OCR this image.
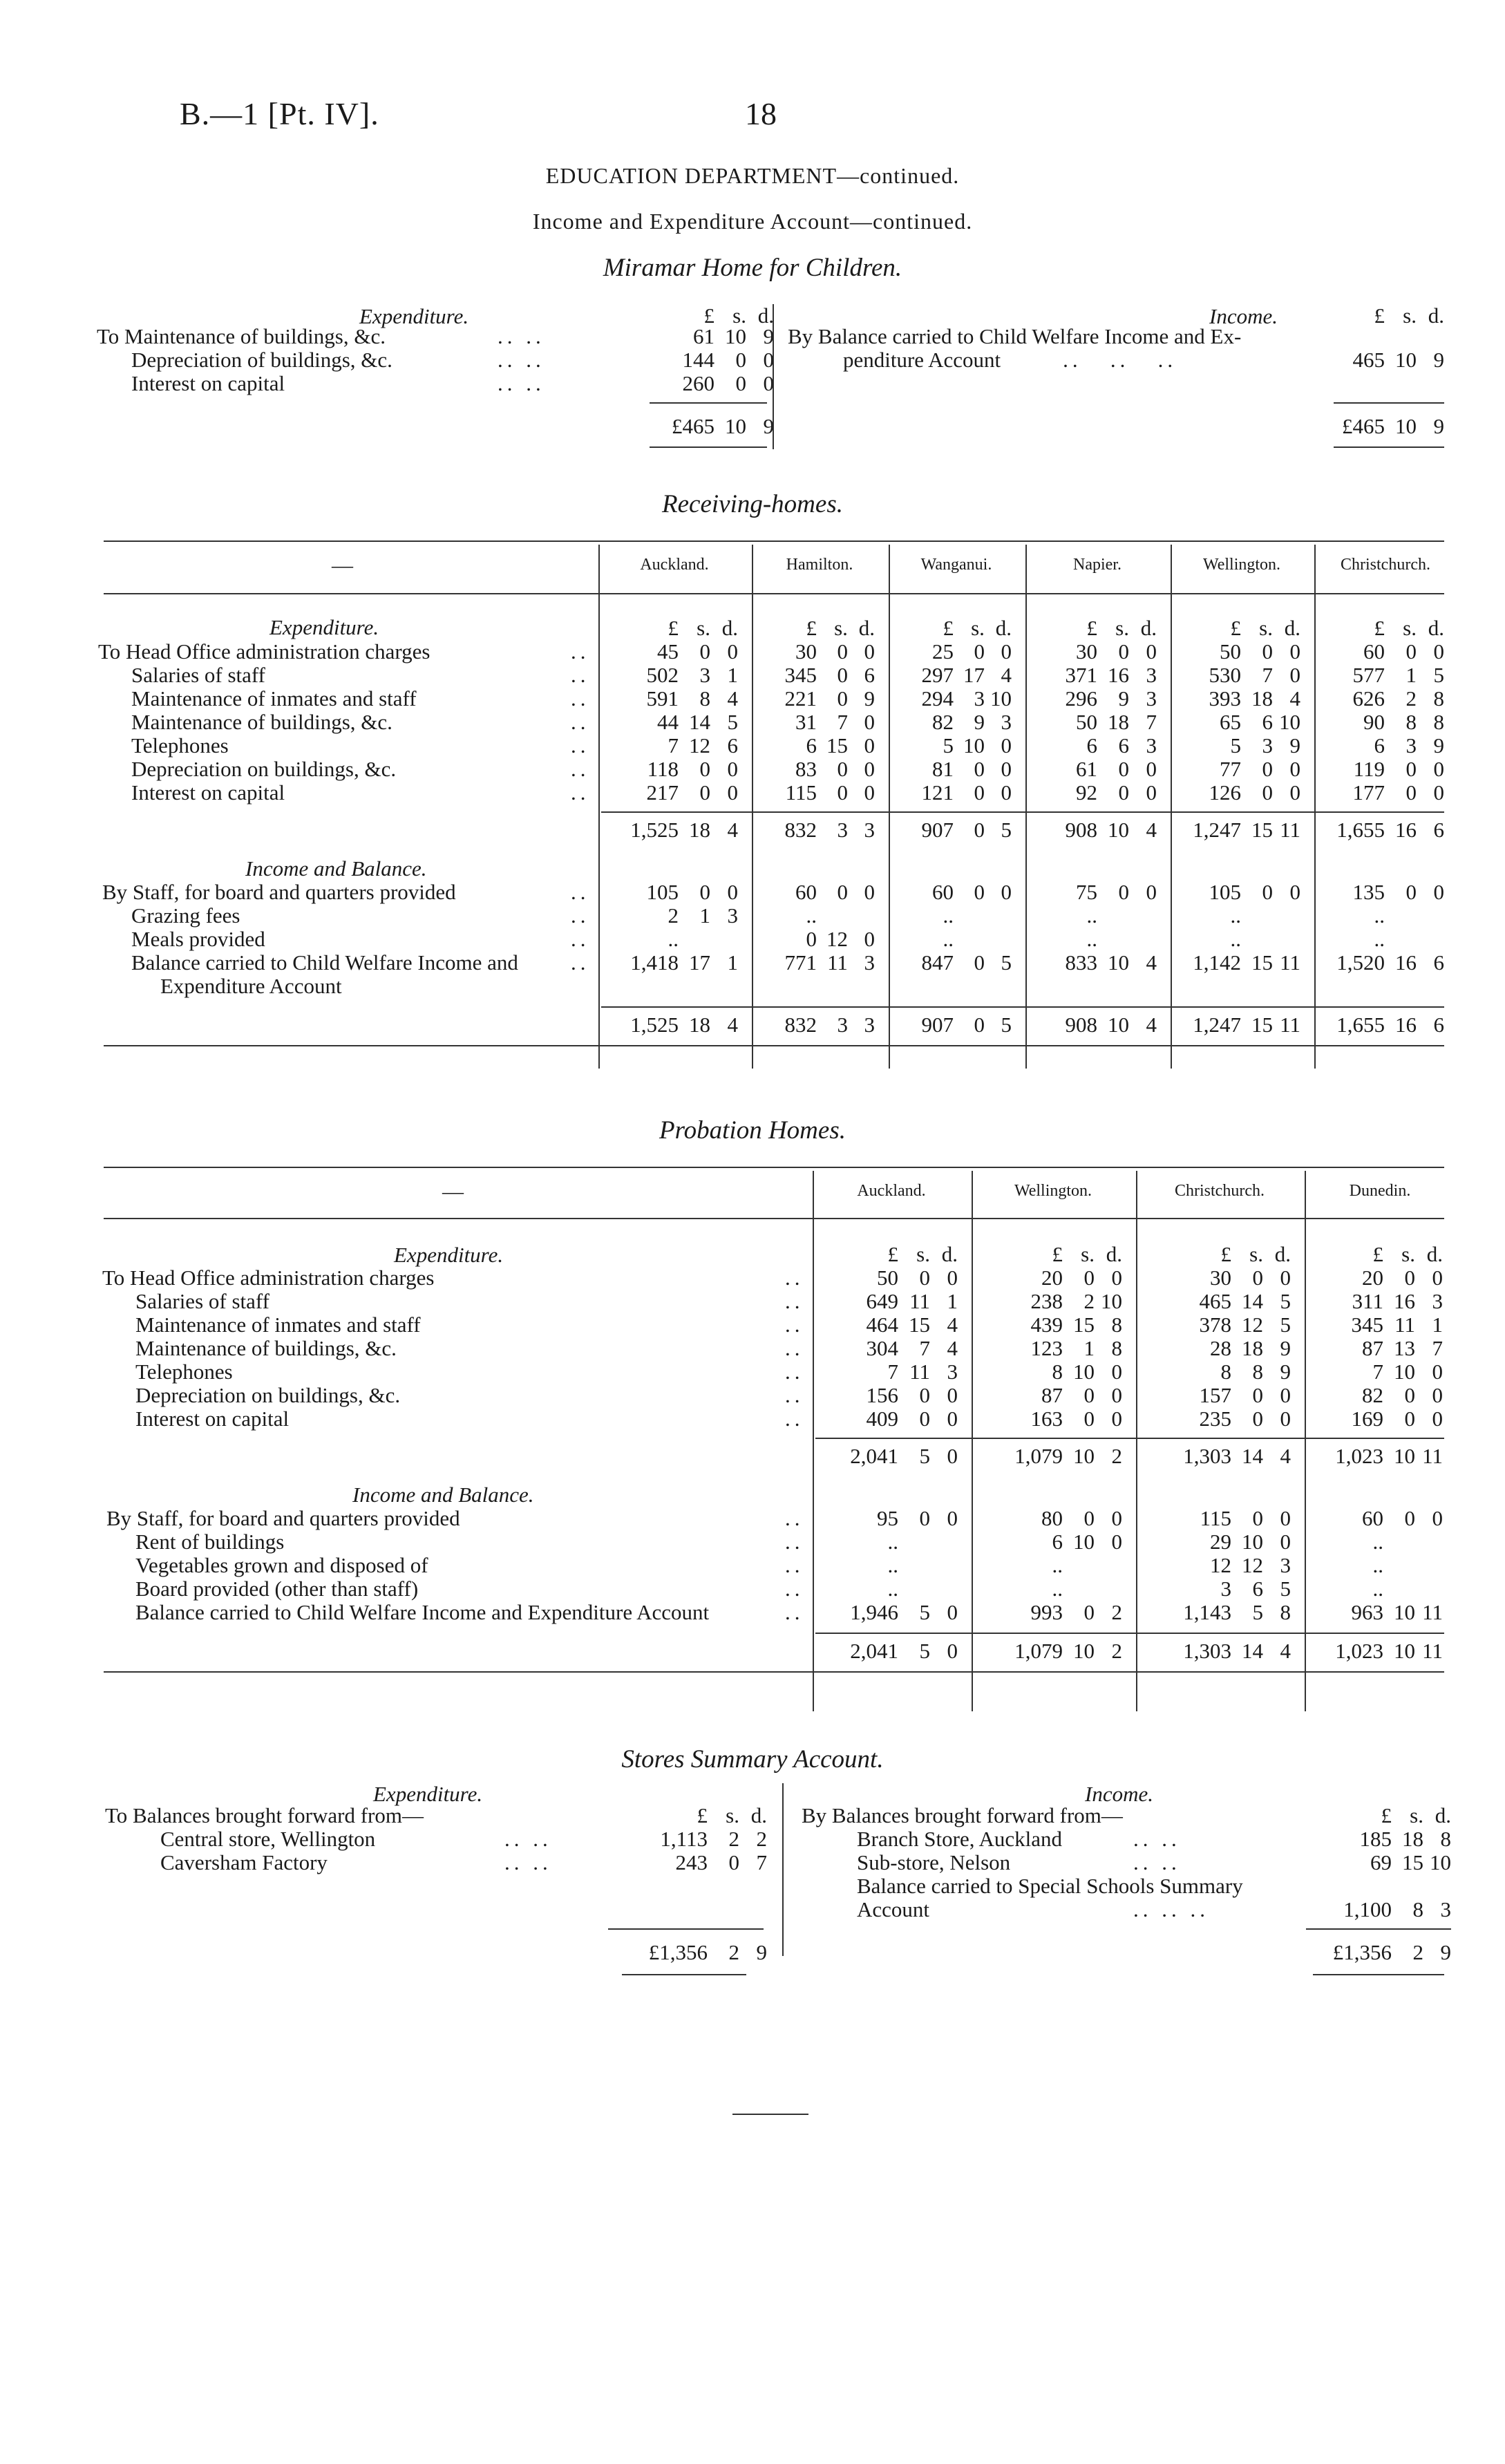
B.—1 [Pt. IV].	18
EDUCATION DEPARTMENT—continued.
Income and Expenditure Account—continued.
Miramar Home for Children.
Expenditure.	£ s. d.
To Maintenance of buildings, &c.	.. ..	61 10 9
Depreciation of buildings, &c.	.. ..	144 0 0
Interest on capital	.. ..	260 0 0
£465 10 9
Income.	£ s. d.
By Balance carried to Child Welfare Income and Ex-
penditure Account	..   ..   ..	465 10 9
£465 10 9
Receiving-homes.
—
Expenditure.
Probation Homes.
—
Expenditure.
Stores Summary Account.
Expenditure.	Income.
£ s. d.	£ s. d.
To Balances brought forward from—
Central store, Wellington	.. ..	1,113 2 2
Caversham Factory	.. ..	243 0 7
By Balances brought forward from—
Branch Store, Auckland	.. ..	185 18 8
Sub-store, Nelson	.. ..	69 15 10
Balance carried to Special Schools Summary
Account	.. .. ..	1,100 8 3
£1,356 2 9	£1,356 2 9
Auckland.	Hamilton.	Wanganui.	Napier.	Wellington.	Christchurch.
£ s. d.	£ s. d.	£ s. d.	£ s. d.	£ s. d.	£ s. d.
To Head Office administration charges	..	45 0 0	30 0 0	25 0 0	30 0 0	50 0 0	60 0 0
Salaries of staff	..	502 3 1	345 0 6	297 17 4	371 16 3	530 7 0	577 1 5
Maintenance of inmates and staff	..	591 8 4	221 0 9	294 3 10	296 9 3	393 18 4	626 2 8
Maintenance of buildings, &c.	..	44 14 5	31 7 0	82 9 3	50 18 7	65 6 10	90 8 8
Telephones	..	7 12 6	6 15 0	5 10 0	6 6 3	5 3 9	6 3 9
Depreciation on buildings, &c.	..	118 0 0	83 0 0	81 0 0	61 0 0	77 0 0	119 0 0
Interest on capital	..	217 0 0	115 0 0	121 0 0	92 0 0	126 0 0	177 0 0
1,525 18 4	832 3 3	907 0 5	908 10 4	1,247 15 11	1,655 16 6
Income and Balance.
By Staff, for board and quarters provided	..	105 0 0	60 0 0	60 0 0	75 0 0	105 0 0	135 0 0
Grazing fees	..	2 1 3	..	..	..	..	..
Meals provided	..	..	0 12 0	..	..	..	..
Balance carried to Child Welfare Income and ..	1,418 17 1	771 11 3	847 0 5	833 10 4	1,142 15 11	1,520 16 6
Expenditure Account
1,525 18 4	832 3 3	907 0 5	908 10 4	1,247 15 11	1,655 16 6
Auckland.	Wellington.	Christchurch.	Dunedin.
£ s. d.	£ s. d.	£ s. d.	£ s. d.
To Head Office administration charges	..	50 0 0	20 0 0	30 0 0	20 0 0
Salaries of staff	..	649 11 1	238 2 10	465 14 5	311 16 3
Maintenance of inmates and staff	..	464 15 4	439 15 8	378 12 5	345 11 1
Maintenance of buildings, &c.	..	304 7 4	123 1 8	28 18 9	87 13 7
Telephones	..	7 11 3	8 10 0	8 8 9	7 10 0
Depreciation on buildings, &c.	..	156 0 0	87 0 0	157 0 0	82 0 0
Interest on capital	..	409 0 0	163 0 0	235 0 0	169 0 0
2,041 5 0	1,079 10 2	1,303 14 4	1,023 10 11
Income and Balance.
By Staff, for board and quarters provided	..	95 0 0	80 0 0	115 0 0	60 0 0
Rent of buildings	..	..	6 10 0	29 10 0	..
Vegetables grown and disposed of	..	..	..	12 12 3	..
Board provided (other than staff)	..	..	..	3 6 5	..
Balance carried to Child Welfare Income and Expenditure Account	..	1,946 5 0	993 0 2	1,143 5 8	963 10 11
2,041 5 0	1,079 10 2	1,303 14 4	1,023 10 11
